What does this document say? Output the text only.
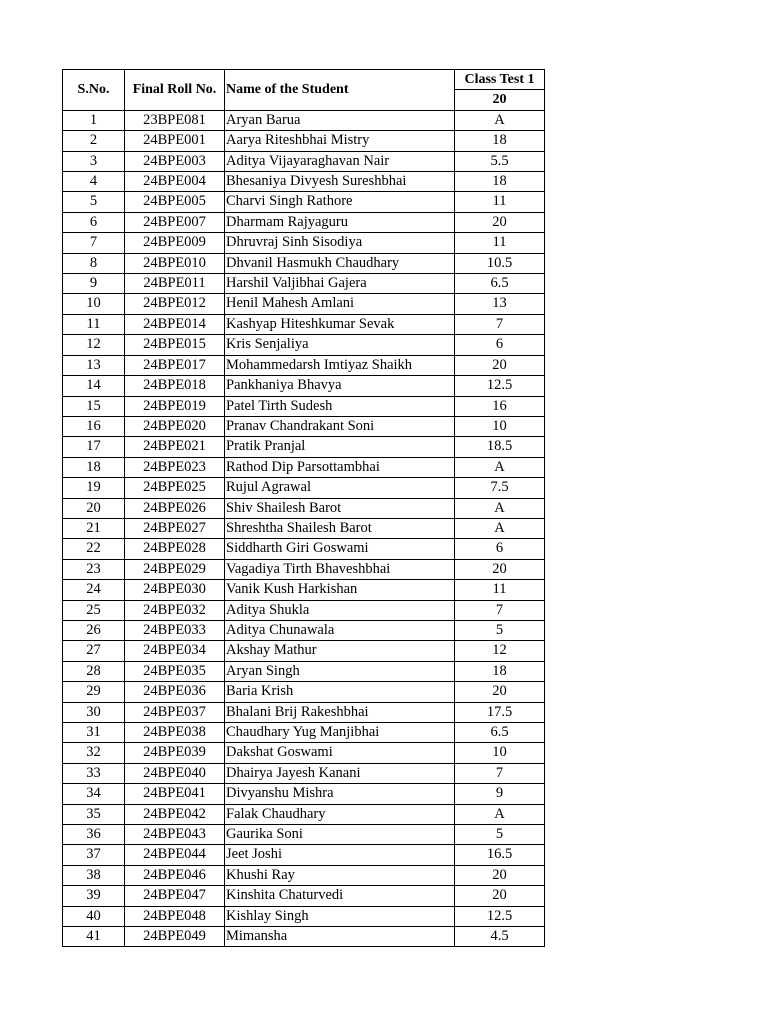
S.No.	Final Roll No.	Name of the Student	Class Test 1
			20
1	23BPE081	Aryan Barua	A
2	24BPE001	Aarya Riteshbhai Mistry	18
3	24BPE003	Aditya Vijayaraghavan Nair	5.5
4	24BPE004	Bhesaniya Divyesh Sureshbhai	18
5	24BPE005	Charvi Singh Rathore	11
6	24BPE007	Dharmam Rajyaguru	20
7	24BPE009	Dhruvraj Sinh Sisodiya	11
8	24BPE010	Dhvanil Hasmukh Chaudhary	10.5
9	24BPE011	Harshil Valjibhai Gajera	6.5
10	24BPE012	Henil Mahesh Amlani	13
11	24BPE014	Kashyap Hiteshkumar Sevak	7
12	24BPE015	Kris Senjaliya	6
13	24BPE017	Mohammedarsh Imtiyaz Shaikh	20
14	24BPE018	Pankhaniya Bhavya	12.5
15	24BPE019	Patel Tirth Sudesh	16
16	24BPE020	Pranav Chandrakant Soni	10
17	24BPE021	Pratik Pranjal	18.5
18	24BPE023	Rathod Dip Parsottambhai	A
19	24BPE025	Rujul Agrawal	7.5
20	24BPE026	Shiv Shailesh Barot	A
21	24BPE027	Shreshtha Shailesh Barot	A
22	24BPE028	Siddharth Giri Goswami	6
23	24BPE029	Vagadiya Tirth Bhaveshbhai	20
24	24BPE030	Vanik Kush Harkishan	11
25	24BPE032	Aditya Shukla	7
26	24BPE033	Aditya Chunawala	5
27	24BPE034	Akshay Mathur	12
28	24BPE035	Aryan Singh	18
29	24BPE036	Baria Krish	20
30	24BPE037	Bhalani Brij Rakeshbhai	17.5
31	24BPE038	Chaudhary Yug Manjibhai	6.5
32	24BPE039	Dakshat Goswami	10
33	24BPE040	Dhairya Jayesh Kanani	7
34	24BPE041	Divyanshu Mishra	9
35	24BPE042	Falak Chaudhary	A
36	24BPE043	Gaurika Soni	5
37	24BPE044	Jeet Joshi	16.5
38	24BPE046	Khushi Ray	20
39	24BPE047	Kinshita Chaturvedi	20
40	24BPE048	Kishlay Singh	12.5
41	24BPE049	Mimansha	4.5
